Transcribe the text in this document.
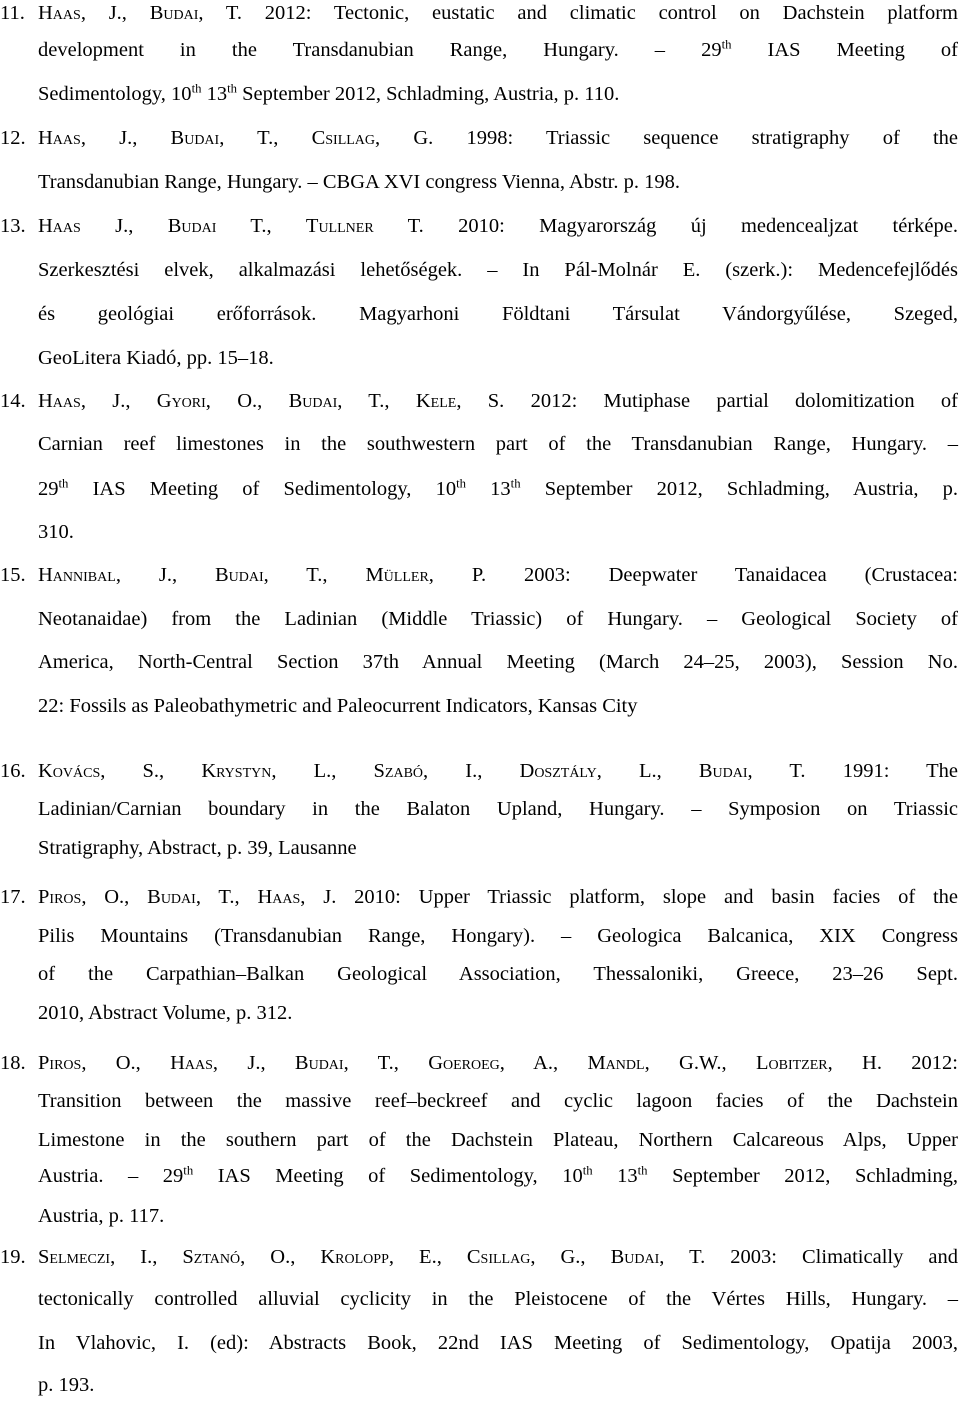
11. Haas, J., Budai, T. 2012: Tectonic, eustatic and climatic control on Dachstein platform
development in the Transdanubian Range, Hungary. – 29th IAS Meeting of
Sedimentology, 10th 13th September 2012, Schladming, Austria, p. 110.
12. Haas, J., Budai, T., Csillag, G. 1998: Triassic sequence stratigraphy of the
Transdanubian Range, Hungary. – CBGA XVI congress Vienna, Abstr. p. 198.
13. Haas J., Budai T., Tullner T. 2010: Magyarország új medencealjzat térképe.
Szerkesztési elvek, alkalmazási lehetőségek. – In Pál-Molnár E. (szerk.): Medencefejlődés
és geológiai erőforrások. Magyarhoni Földtani Társulat Vándorgyűlése, Szeged,
GeoLitera Kiadó, pp. 15–18.
14. Haas, J., Gyori, O., Budai, T., Kele, S. 2012: Mutiphase partial dolomitization of
Carnian reef limestones in the southwestern part of the Transdanubian Range, Hungary. –
29th IAS Meeting of Sedimentology, 10th 13th September 2012, Schladming, Austria, p.
310.
15. Hannibal, J., Budai, T., Müller, P. 2003: Deepwater Tanaidacea (Crustacea:
Neotanaidae) from the Ladinian (Middle Triassic) of Hungary. – Geological Society of
America, North-Central Section 37th Annual Meeting (March 24–25, 2003), Session No.
22: Fossils as Paleobathymetric and Paleocurrent Indicators, Kansas City
16. Kovács, S., Krystyn, L., Szabó, I., Dosztály, L., Budai, T. 1991: The
Ladinian/Carnian boundary in the Balaton Upland, Hungary. – Symposion on Triassic
Stratigraphy, Abstract, p. 39, Lausanne
17. Piros, O., Budai, T., Haas, J. 2010: Upper Triassic platform, slope and basin facies of the
Pilis Mountains (Transdanubian Range, Hongary). – Geologica Balcanica, XIX Congress
of the Carpathian–Balkan Geological Association, Thessaloniki, Greece, 23–26 Sept.
2010, Abstract Volume, p. 312.
18. Piros, O., Haas, J., Budai, T., Goeroeg, A., Mandl, G.W., Lobitzer, H. 2012:
Transition between the massive reef–beckreef and cyclic lagoon facies of the Dachstein
Limestone in the southern part of the Dachstein Plateau, Northern Calcareous Alps, Upper
Austria. – 29th IAS Meeting of Sedimentology, 10th 13th September 2012, Schladming,
Austria, p. 117.
19. Selmeczi, I., Sztanó, O., Krolopp, E., Csillag, G., Budai, T. 2003: Climatically and
tectonically controlled alluvial cyclicity in the Pleistocene of the Vértes Hills, Hungary. –
In Vlahovic, I. (ed): Abstracts Book, 22nd IAS Meeting of Sedimentology, Opatija 2003,
p. 193.
